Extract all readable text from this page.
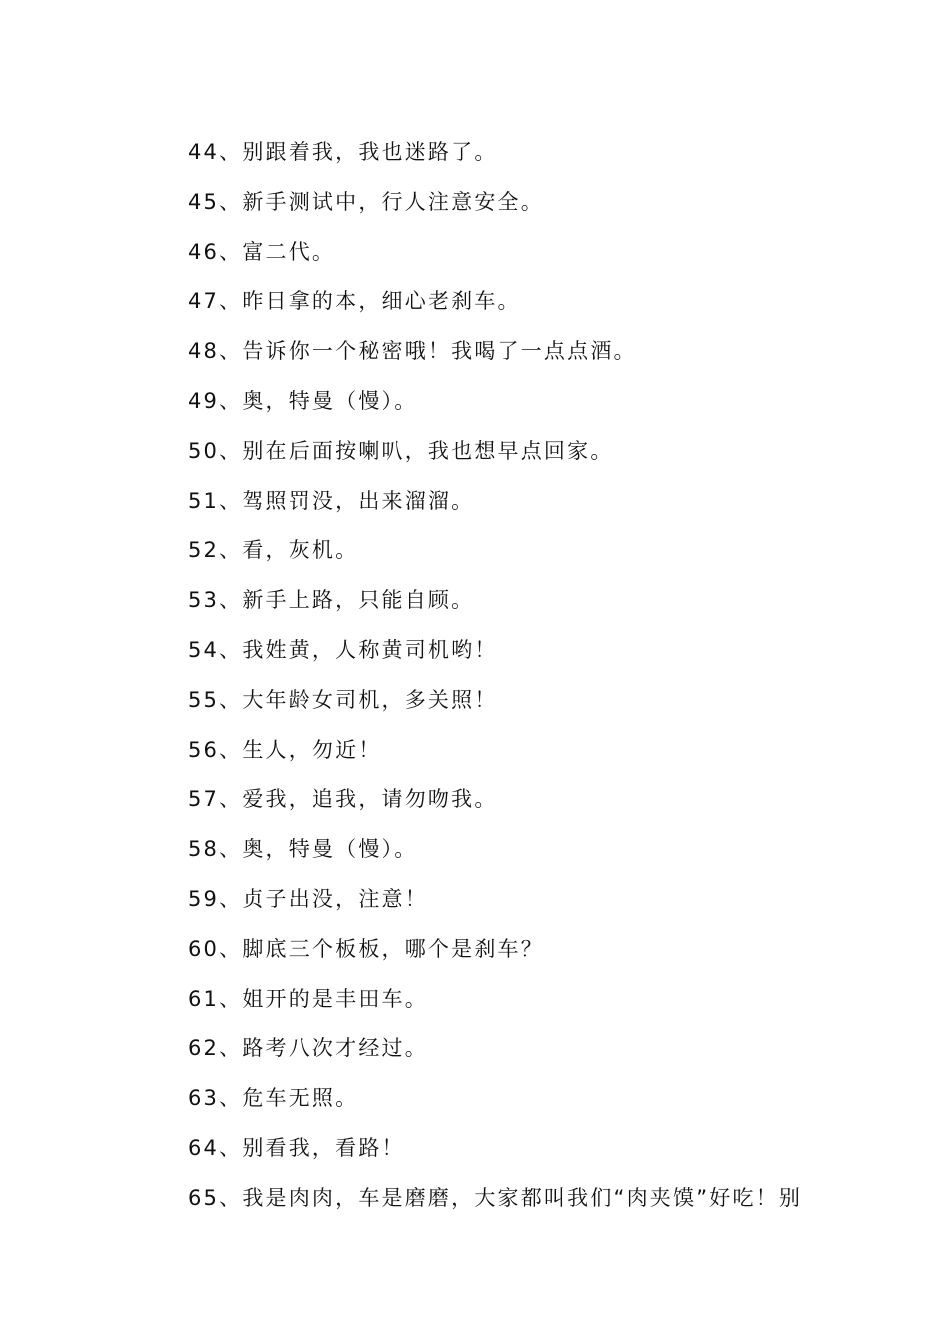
44、别跟着我，我也迷路了。
45、新手测试中，行人注意安全。
46、富二代。
47、昨日拿的本，细心老刹车。
48、告诉你一个秘密哦！我喝了一点点酒。
49、奥，特曼（慢）。
50、别在后面按喇叭，我也想早点回家。
51、驾照罚没，出来溜溜。
52、看，灰机。
53、新手上路，只能自顾。
54、我姓黄，人称黄司机哟！
55、大年龄女司机，多关照！
56、生人，勿近！
57、爱我，追我，请勿吻我。
58、奥，特曼（慢）。
59、贞子出没，注意！
60、脚底三个板板，哪个是刹车？
61、姐开的是丰田车。
62、路考八次才经过。
63、危车无照。
64、别看我，看路！
65、我是肉肉，车是磨磨，大家都叫我们“肉夹馍”好吃！别
